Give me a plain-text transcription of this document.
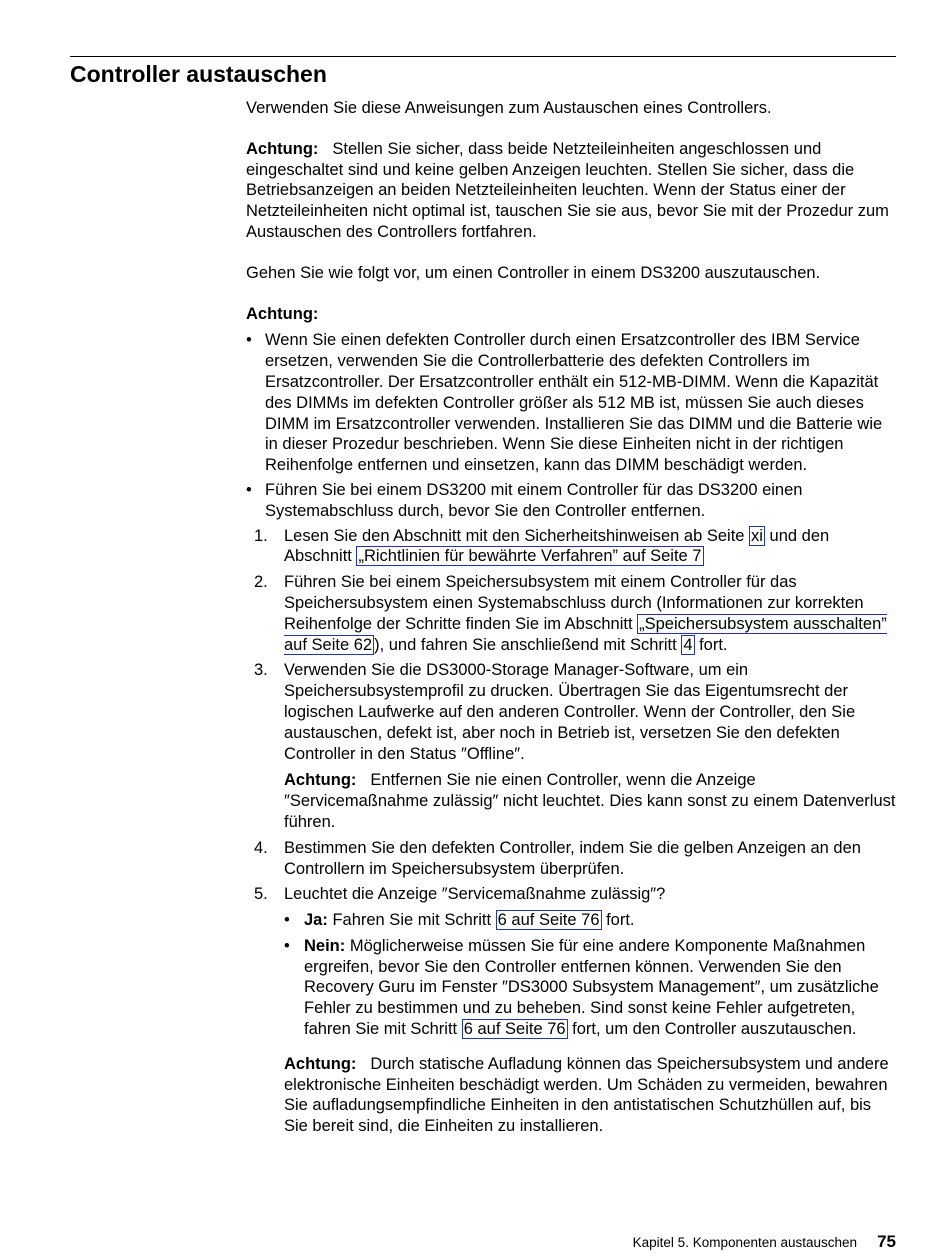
Controller austauschen

Verwenden Sie diese Anweisungen zum Austauschen eines Controllers.

Achtung: Stellen Sie sicher, dass beide Netzteileinheiten angeschlossen und eingeschaltet sind und keine gelben Anzeigen leuchten. Stellen Sie sicher, dass die Betriebsanzeigen an beiden Netzteileinheiten leuchten. Wenn der Status einer der Netzteileinheiten nicht optimal ist, tauschen Sie sie aus, bevor Sie mit der Prozedur zum Austauschen des Controllers fortfahren.

Gehen Sie wie folgt vor, um einen Controller in einem DS3200 auszutauschen.

Achtung:

• Wenn Sie einen defekten Controller durch einen Ersatzcontroller des IBM Service ersetzen, verwenden Sie die Controllerbatterie des defekten Controllers im Ersatzcontroller. Der Ersatzcontroller enthält ein 512-MB-DIMM. Wenn die Kapazität des DIMMs im defekten Controller größer als 512 MB ist, müssen Sie auch dieses DIMM im Ersatzcontroller verwenden. Installieren Sie das DIMM und die Batterie wie in dieser Prozedur beschrieben. Wenn Sie diese Einheiten nicht in der richtigen Reihenfolge entfernen und einsetzen, kann das DIMM beschädigt werden.
• Führen Sie bei einem DS3200 mit einem Controller für das DS3200 einen Systemabschluss durch, bevor Sie den Controller entfernen.
1. Lesen Sie den Abschnitt mit den Sicherheitshinweisen ab Seite xi und den Abschnitt „Richtlinien für bewährte Verfahren” auf Seite 7
2. Führen Sie bei einem Speichersubsystem mit einem Controller für das Speichersubsystem einen Systemabschluss durch (Informationen zur korrekten Reihenfolge der Schritte finden Sie im Abschnitt „Speichersubsystem ausschalten” auf Seite 62 ), und fahren Sie anschließend mit Schritt 4 fort.
3. Verwenden Sie die DS3000-Storage Manager-Software, um ein Speichersubsystemprofil zu drucken. Übertragen Sie das Eigentumsrecht der logischen Laufwerke auf den anderen Controller. Wenn der Controller, den Sie austauschen, defekt ist, aber noch in Betrieb ist, versetzen Sie den defekten Controller in den Status ″Offline″.

Achtung: Entfernen Sie nie einen Controller, wenn die Anzeige ″Servicemaßnahme zulässig″ nicht leuchtet. Dies kann sonst zu einem Datenverlust führen.

4. Bestimmen Sie den defekten Controller, indem Sie die gelben Anzeigen an den Controllern im Speichersubsystem überprüfen.
5. Leuchtet die Anzeige ″Servicemaßnahme zulässig″?
• Ja: Fahren Sie mit Schritt 6 auf Seite 76 fort.
• Nein: Möglicherweise müssen Sie für eine andere Komponente Maßnahmen ergreifen, bevor Sie den Controller entfernen können. Verwenden Sie den Recovery Guru im Fenster ″DS3000 Subsystem Management″, um zusätzliche Fehler zu bestimmen und zu beheben. Sind sonst keine Fehler aufgetreten, fahren Sie mit Schritt 6 auf Seite 76 fort, um den Controller auszutauschen.

Achtung: Durch statische Aufladung können das Speichersubsystem und andere elektronische Einheiten beschädigt werden. Um Schäden zu vermeiden, bewahren Sie aufladungsempfindliche Einheiten in den antistatischen Schutzhüllen auf, bis Sie bereit sind, die Einheiten zu installieren.

Kapitel 5. Komponenten austauschen 75
